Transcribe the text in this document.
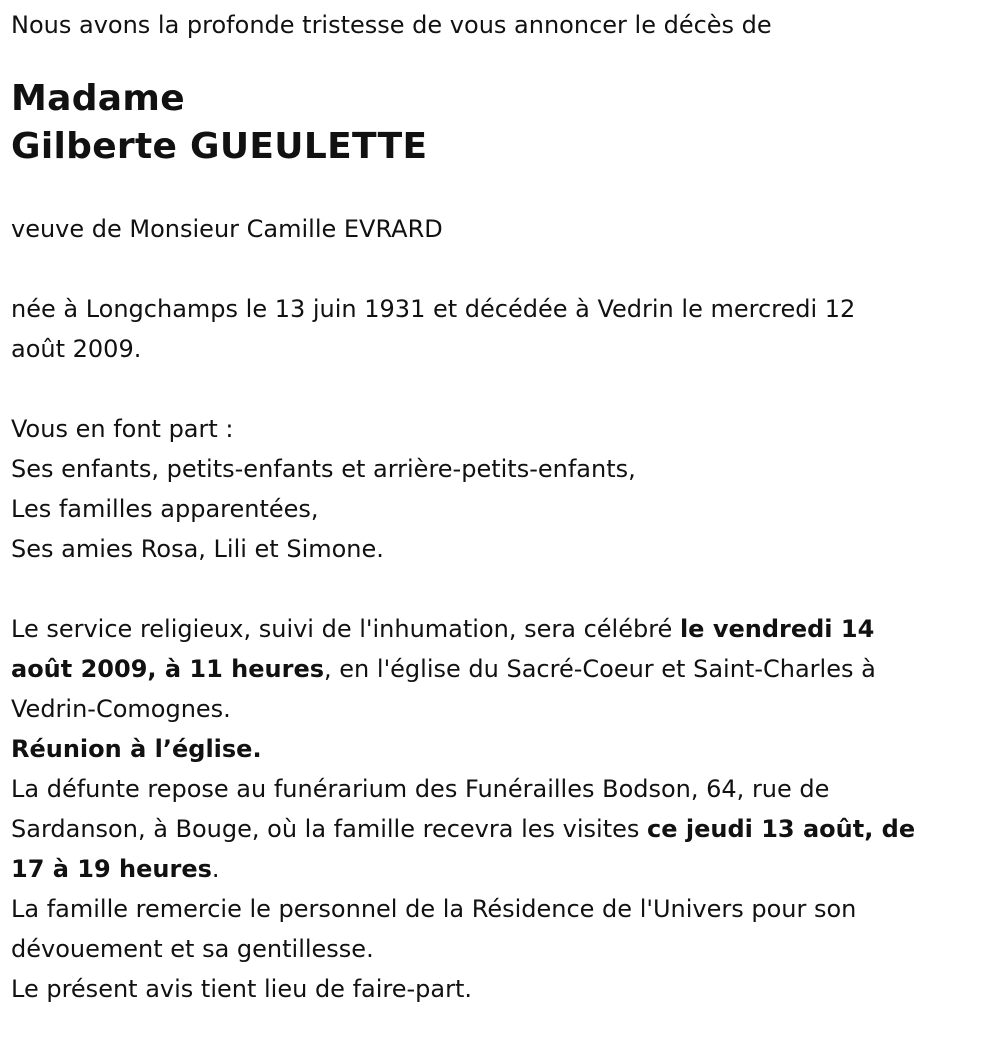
Nous avons la profonde tristesse de vous annoncer le décès de

Madame

Gilberte GUEULETTE

veuve de Monsieur Camille EVRARD

née à Longchamps le 13 juin 1931 et décédée à Vedrin le mercredi 12

août 2009.

Vous en font part :

Ses enfants, petits-enfants et arrière-petits-enfants,

Les familles apparentées,

Ses amies Rosa, Lili et Simone.

Le service religieux, suivi de l'inhumation, sera célébré le vendredi 14

août 2009, à 11 heures, en l'église du Sacré-Coeur et Saint-Charles à

Vedrin-Comognes.

Réunion à l’église.

La défunte repose au funérarium des Funérailles Bodson, 64, rue de

Sardanson, à Bouge, où la famille recevra les visites ce jeudi 13 août, de

17 à 19 heures.

La famille remercie le personnel de la Résidence de l'Univers pour son

dévouement et sa gentillesse.

Le présent avis tient lieu de faire-part.
